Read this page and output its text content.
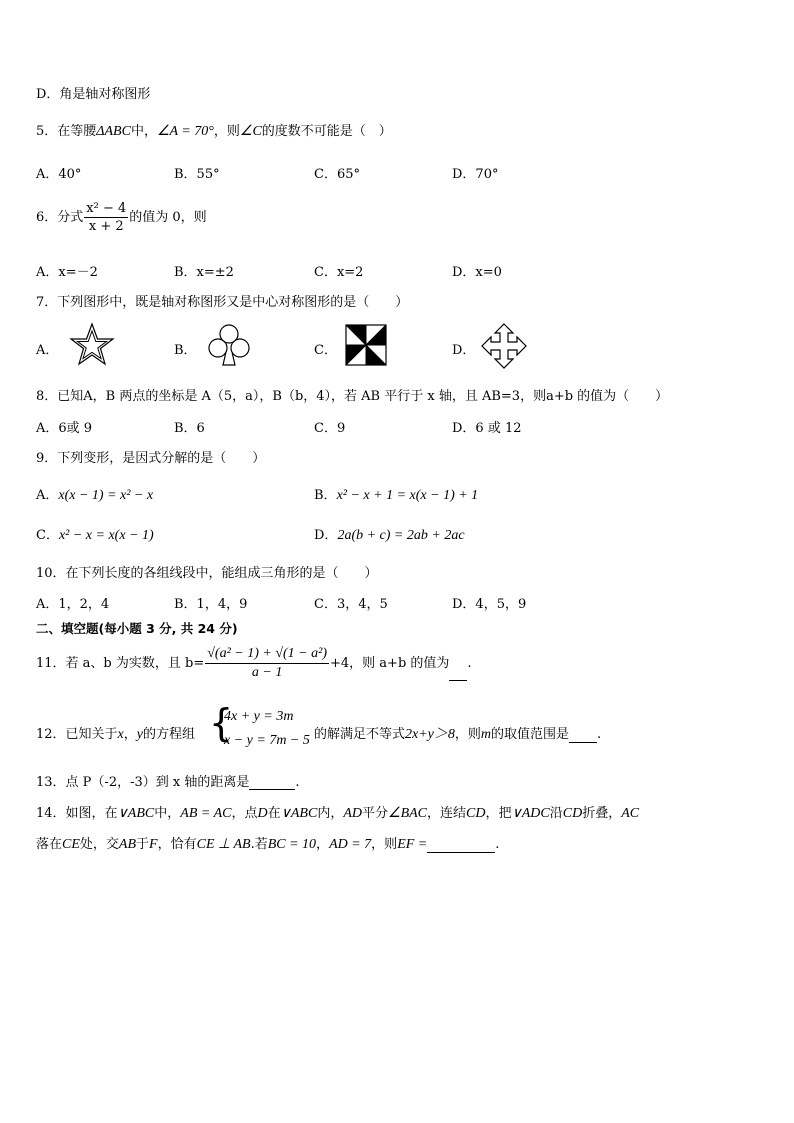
D．角是轴对称图形
5．在等腰ΔABC中，∠A = 70°，则∠C的度数不可能是（　）
A．40°	B．55°	C．65°	D．70°
6．分式 $\frac{\text{x² − 4}}{x + 2}$ 的值为 0，则
A．x=－2	B．x=±2	C．x=2	D．x=0
7．下列图形中，既是轴对称图形又是中心对称图形的是（　　）
A．	B．	C．	D．
8．已知A，B 两点的坐标是 A（5，a），B（b，4），若 AB 平行于 x 轴，且 AB=3，则a+b 的值为（　　）
A．6或 9	B．6	C．9	D．6 或 12
9．下列变形，是因式分解的是（　　）
A．x(x − 1) = x² − x	B．x² − x + 1 = x(x − 1) + 1
C．x² − x = x(x − 1)	D．2a(b + c) = 2ab + 2ac
10．在下列长度的各组线段中，能组成三角形的是（　　）
A．1，2，4	B．1，4，9	C．3，4，5	D．4，5，9
二、填空题(每小题 3 分, 共 24 分)
11．若 a、b 为实数，且 $b= \frac{\text{√(a² − 1) + √(1 − a²)}}{a - 1} +4$，则 a+b 的值为 .
12．已知关于x，y的方程组 {
4x + y = 3m
x − y = 7m − 5 的解满足不等式2x+y＞8，则m的取值范围是 .
13．点 P（-2，-3）到 x 轴的距离是	.
14．如图，在∨ABC中，AB = AC，点D在∨ABC内，AD平分∠BAC，连结CD，把∨ADC沿CD折叠，AC
落在CE处，交AB于F，恰有CE ⊥ AB.若BC = 10，AD = 7，则EF =	.
